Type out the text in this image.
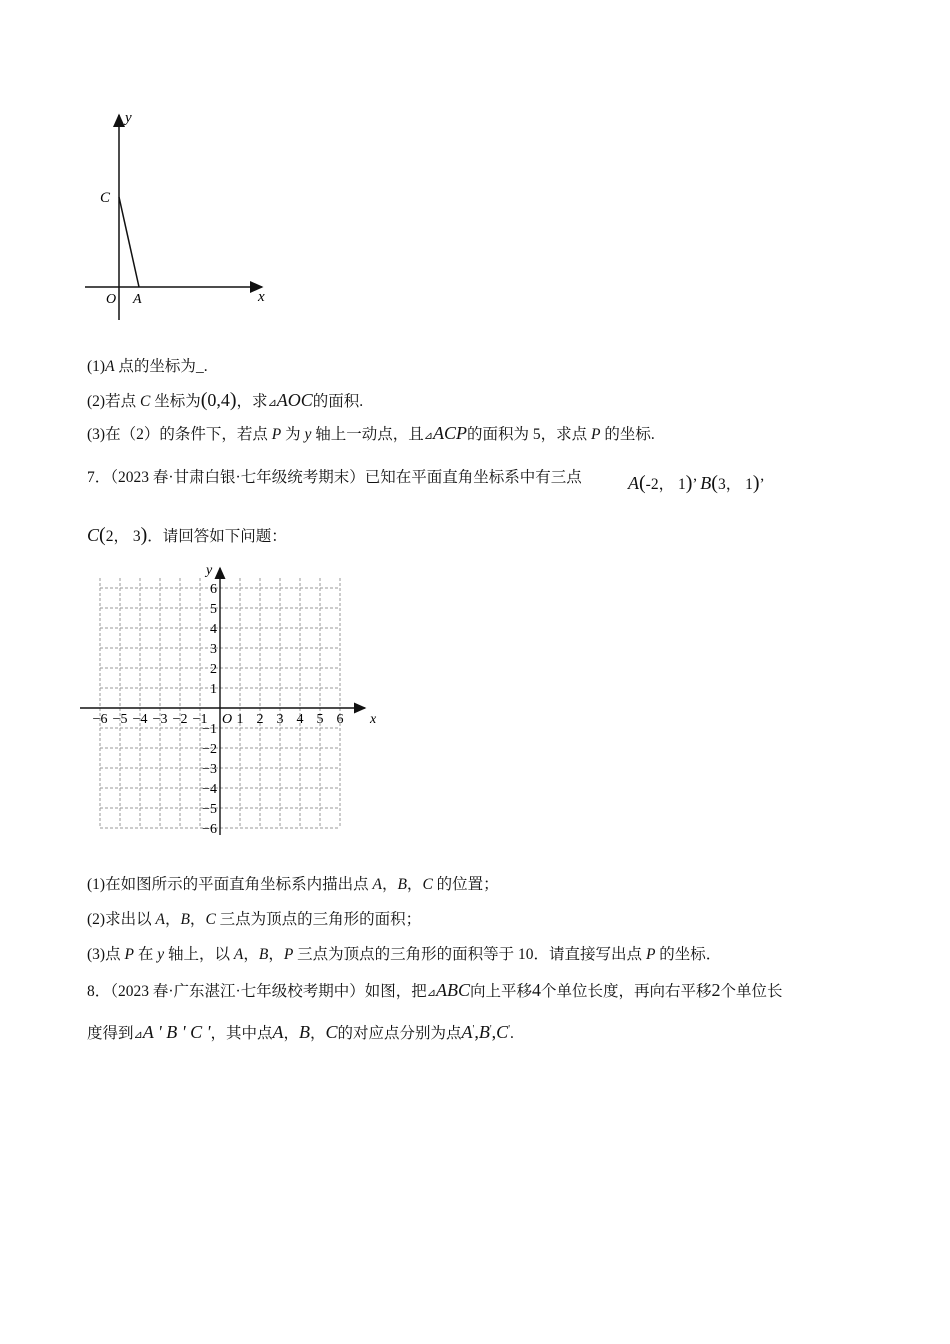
y
x
O A
C
(1)A 点的坐标为_.
(2)若点 C 坐标为(0,4)，求⊿AOC的面积.
(3)在（2）的条件下，若点 P 为 y 轴上一动点，且⊿ACP的面积为 5，求点 P 的坐标.
7．（2023 春·甘肃白银·七年级统考期末）已知在平面直角坐标系中有三点	A(-2， 1)’ B(3， 1)’
C(2， 3)．请回答如下问题：
−6 −5 −4 −3 −2 −1 1 2 3 4 5 6
6
5
4
3
2
1
−1
−2
−3
−4
−5
−6
O	x
y
(1)在如图所示的平面直角坐标系内描出点 A，B，C 的位置；
(2)求出以 A，B，C 三点为顶点的三角形的面积；
(3)点 P 在 y 轴上，以 A，B，P 三点为顶点的三角形的面积等于 10．请直接写出点 P 的坐标．
8．（2023 春·广东湛江·七年级校考期中）如图，把⊿ABC向上平移4个单位长度，再向右平移2个单位长
度得到⊿A ' B ' C '，其中点A，B，C的对应点分别为点A',B',C'.
